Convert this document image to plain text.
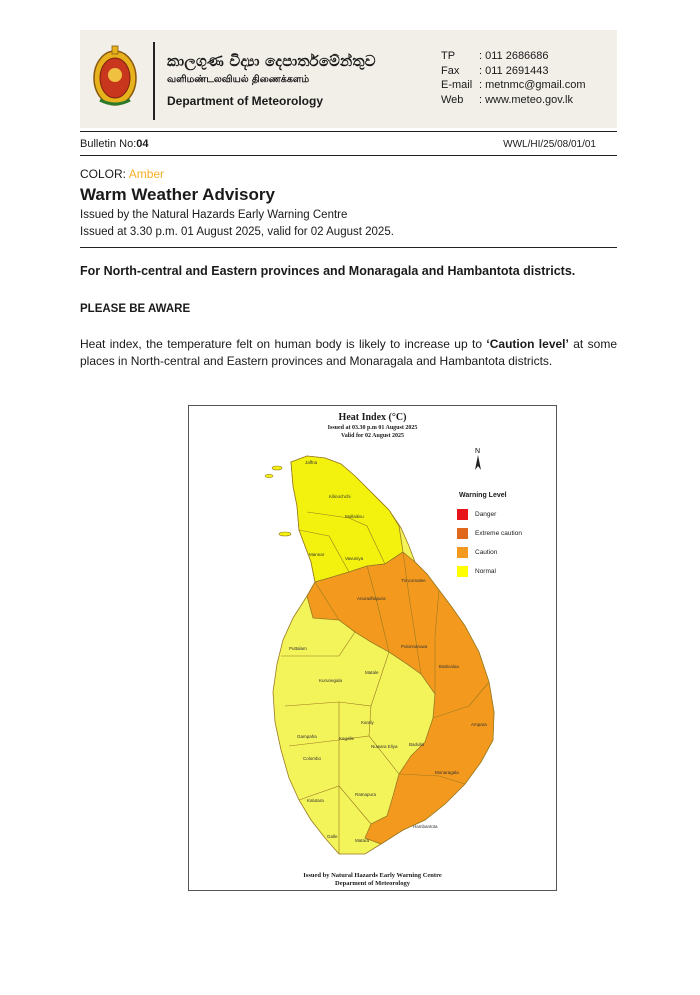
කාලගුණ විද්‍යා දෙපාර්තමේන්තුව
வளிமண்டலவியல் திணைக்களம்
Department of Meteorology
TP	: 011 2686686
Fax	: 011 2691443
E-mail : metnmc@gmail.com
Web	: www.meteo.gov.lk
Bulletin No:04	WWL/HI/25/08/01/01
COLOR: Amber
Warm Weather Advisory
Issued by the Natural Hazards Early Warning Centre
Issued at 3.30 p.m. 01 August 2025, valid for 02 August 2025.
For North-central and Eastern provinces and Monaragala and Hambantota districts.
PLEASE BE AWARE
Heat index, the temperature felt on human body is likely to increase up to ‘Caution level’ at some places in North-central and Eastern provinces and Monaragala and Hambantota districts.
Heat Index (°C)
Issued at 03.30 p.m 01 August 2025
Valid for 02 August 2025
N
Warning Level
Danger
Extreme caution
Caution
Normal
Jaffna
Kilinochchi
Mullaitivu
Mannar
Vavuniya
Trincomalee
Anuradhapura
Polonnaruwa
Puttalam
Batticaloa
Kurunegala
Matale
Ampara
Kandy
Gampaha	Kegalle
Nuwara Eliya	Badulla
Colombo
Monaragala
Kalutara
Ratnapura
Hambantota
Galle
Matara
Issued by Natural Hazards Early Warning Centre
Deparment of Meteorology
